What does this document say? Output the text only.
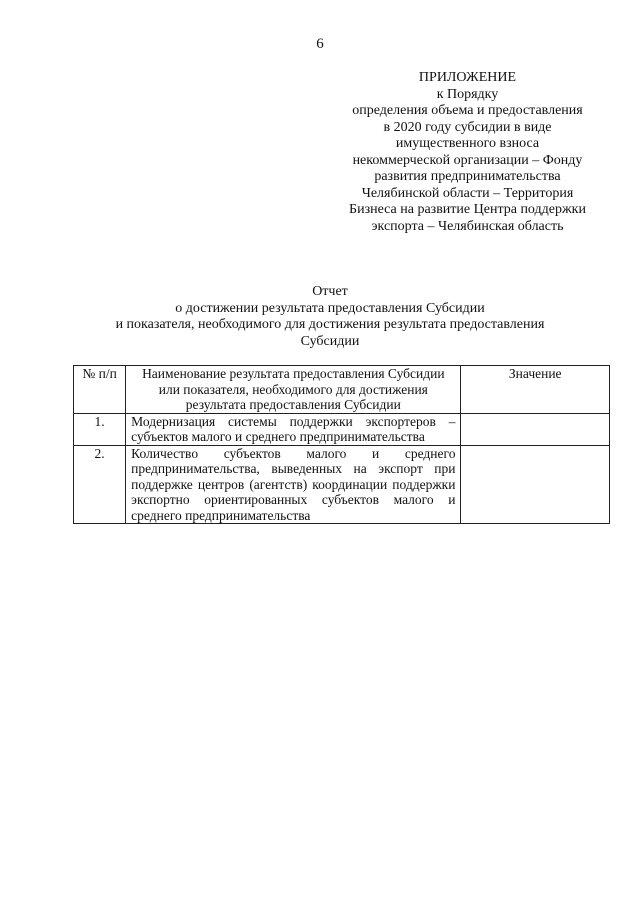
6
ПРИЛОЖЕНИЕ
к Порядку
определения объема и предоставления
в 2020 году субсидии в виде
имущественного взноса
некоммерческой организации – Фонду
развития предпринимательства
Челябинской области – Территория
Бизнеса на развитие Центра поддержки
экспорта – Челябинская область
Отчет
о достижении результата предоставления Субсидии
и показателя, необходимого для достижения результата предоставления
Субсидии
№ п/п	Наименование результата предоставления Субсидии или показателя, необходимого для достижения результата предоставления Субсидии	Значение
1.	Модернизация системы поддержки экспортеров – субъектов малого и среднего предпринимательства	
2.	Количество субъектов малого и среднего предпринимательства, выведенных на экспорт при поддержке центров (агентств) координации поддержки экспортно ориентированных субъектов малого и среднего предпринимательства	
